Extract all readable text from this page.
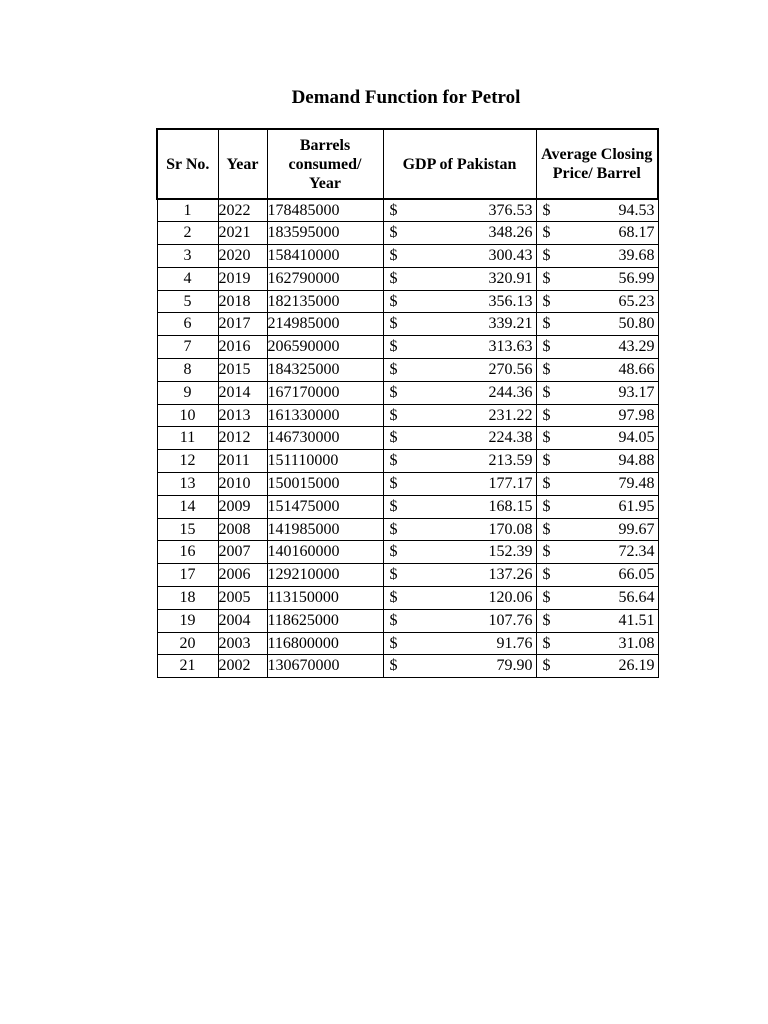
Demand Function for Petrol
Sr No.	Year	Barrels consumed/ Year	GDP of Pakistan	Average Closing Price/ Barrel
1	2022	178485000	$ 376.53	$ 94.53

2	2021	183595000	$ 348.26	$ 68.17

3	2020	158410000	$ 300.43	$ 39.68

4	2019	162790000	$ 320.91	$ 56.99

5	2018	182135000	$ 356.13	$ 65.23

6	2017	214985000	$ 339.21	$ 50.80

7	2016	206590000	$ 313.63	$ 43.29

8	2015	184325000	$ 270.56	$ 48.66

9	2014	167170000	$ 244.36	$ 93.17

10	2013	161330000	$ 231.22	$ 97.98

11	2012	146730000	$ 224.38	$ 94.05

12	2011	151110000	$ 213.59	$ 94.88

13	2010	150015000	$ 177.17	$ 79.48

14	2009	151475000	$ 168.15	$ 61.95

15	2008	141985000	$ 170.08	$ 99.67

16	2007	140160000	$ 152.39	$ 72.34

17	2006	129210000	$ 137.26	$ 66.05

18	2005	113150000	$ 120.06	$ 56.64

19	2004	118625000	$ 107.76	$ 41.51

20	2003	116800000	$ 91.76	$ 31.08

21	2002	130670000	$ 79.90	$ 26.19
